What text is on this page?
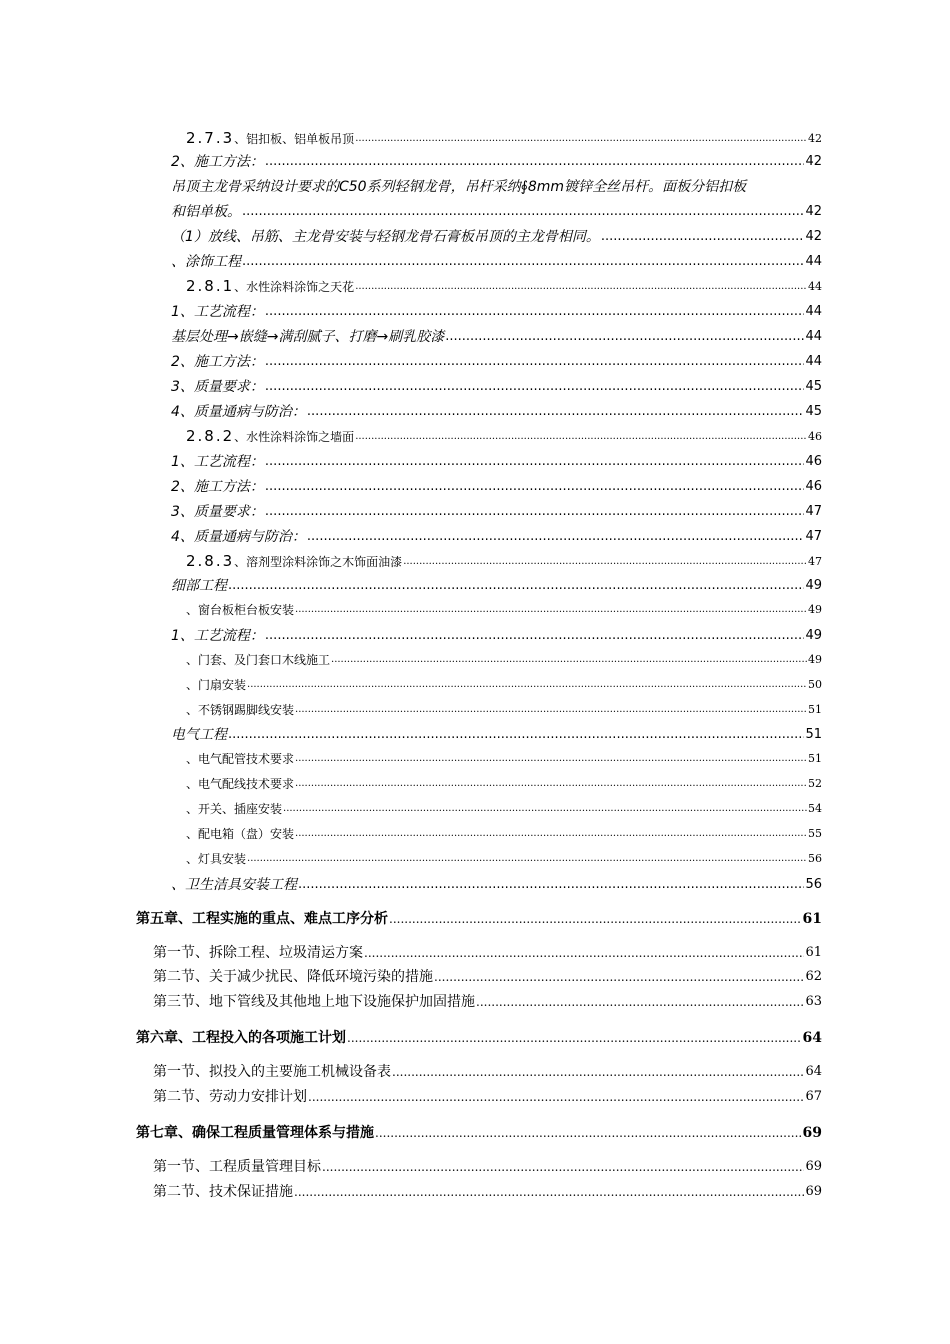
2.7.3、铝扣板、铝单板吊顶 .....	42
2、施工方法： .....	42
吊顶主龙骨采纳设计要求的C50系列轻钢龙骨，吊杆采纳∮8mm镀锌全丝吊杆。面板分铝扣板
和铝单板。 .....	42
（1）放线、吊筋、主龙骨安装与轻钢龙骨石膏板吊顶的主龙骨相同。 .....	42
、涂饰工程 .....	44
2.8.1、水性涂料涂饰之天花 .....	44
1、工艺流程： .....	44
基层处理→嵌缝→满刮腻子、打磨→刷乳胶漆 .....	44
2、施工方法： .....	44
3、质量要求： .....	45
4、质量通病与防治： .....	45
2.8.2、水性涂料涂饰之墙面 .....	46
1、工艺流程： .....	46
2、施工方法： .....	46
3、质量要求： .....	47
4、质量通病与防治： .....	47
2.8.3、溶剂型涂料涂饰之木饰面油漆 .....	47
细部工程 .....	49
、窗台板柜台板安装 .....	49
1、工艺流程： .....	49
、门套、及门套口木线施工 .....	49
、门扇安装 .....	50
、不锈钢踢脚线安装 .....	51
电气工程 .....	51
、电气配管技术要求 .....	51
、电气配线技术要求 .....	52
、开关、插座安装 .....	54
、配电箱（盘）安装 .....	55
、灯具安装 .....	56
、卫生洁具安装工程 .....	56
第五章、工程实施的重点、难点工序分析 .....	61
第一节、拆除工程、垃圾清运方案 .....	61
第二节、关于减少扰民、降低环境污染的措施 .....	62
第三节、地下管线及其他地上地下设施保护加固措施 .....	63
第六章、工程投入的各项施工计划 .....	64
第一节、拟投入的主要施工机械设备表 .....	64
第二节、劳动力安排计划 .....	67
第七章、确保工程质量管理体系与措施 .....	69
第一节、工程质量管理目标 .....	69
第二节、技术保证措施 .....	69
